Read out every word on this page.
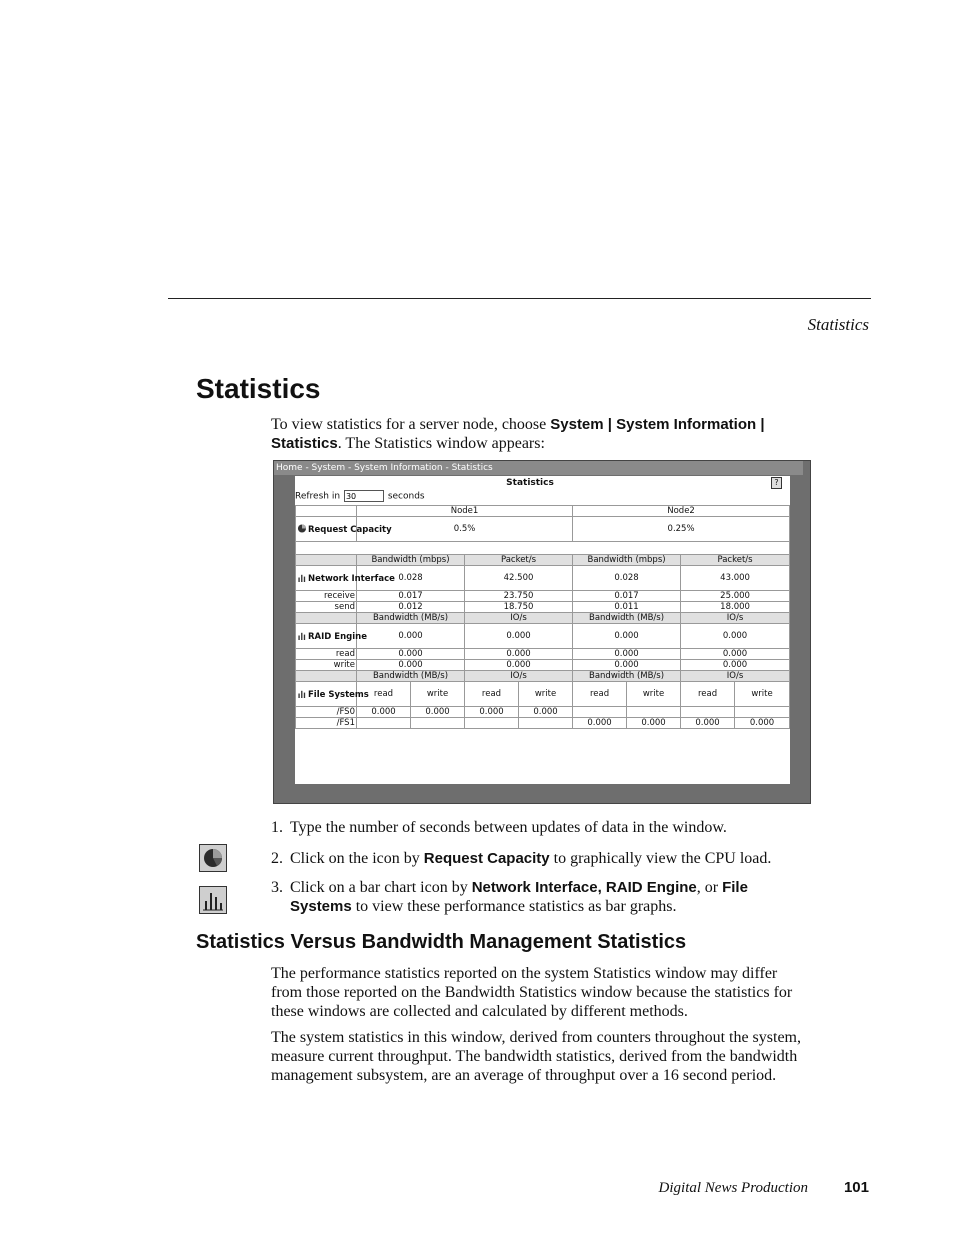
Statistics
Statistics
To view statistics for a server node, choose System | System Information | Statistics. The Statistics window appears:
Home - System - System Information - Statistics
Statistics	?
Refresh in 30	seconds
	Node1				Node2			
Request Capacity	0.5%				0.25%			

	Bandwidth (mbps)		Packet/s		Bandwidth (mbps)		Packet/s	
Network Interface	0.028		42.500		0.028		43.000	
receive	0.017		23.750		0.017		25.000	
send	0.012		18.750		0.011		18.000	
	Bandwidth (MB/s)		IO/s		Bandwidth (MB/s)		IO/s	
RAID Engine	0.000		0.000		0.000		0.000	
read	0.000		0.000		0.000		0.000	
write	0.000		0.000		0.000		0.000	
	Bandwidth (MB/s)		IO/s		Bandwidth (MB/s)		IO/s	
File Systems	read	write	read	write	read	write	read	write
/FS0	0.000	0.000	0.000	0.000				
/FS1					0.000	0.000	0.000	0.000
1. Type the number of seconds between updates of data in the window.
2. Click on the icon by Request Capacity to graphically view the CPU load.
3. Click on a bar chart icon by Network Interface, RAID Engine, or File Systems to view these performance statistics as bar graphs.
Statistics Versus Bandwidth Management Statistics

The performance statistics reported on the system Statistics window may differ from those reported on the Bandwidth Statistics window because the statistics for these windows are collected and calculated by different methods.

The system statistics in this window, derived from counters throughout the system, measure current throughput. The bandwidth statistics, derived from the bandwidth management subsystem, are an average of throughput over a 16 second period.

Digital News Production 101
